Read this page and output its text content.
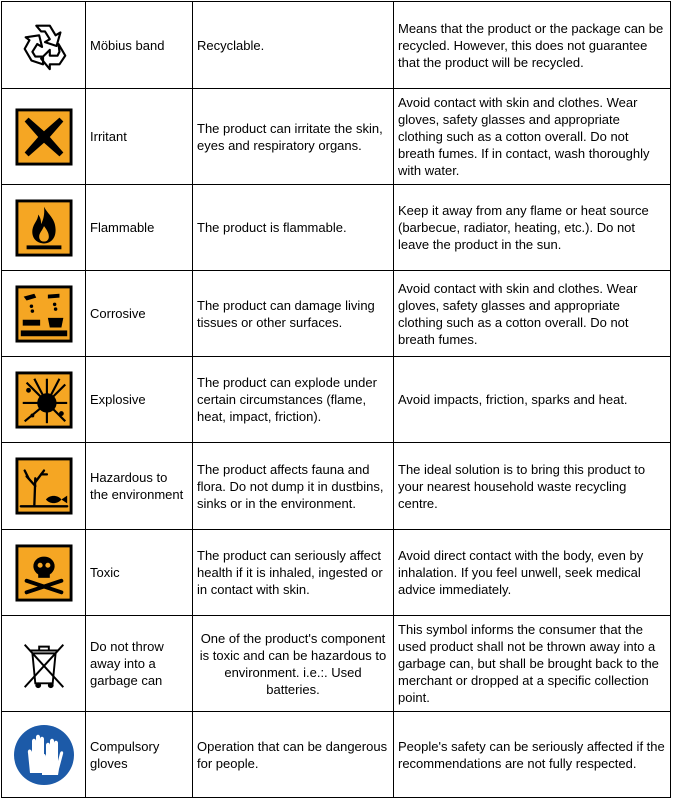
	Möbius band	Recyclable.	Means that the product or the package can be recycled. However, this does not guarantee that the product will be recycled.

	Irritant	The product can irritate the skin, eyes and respiratory organs.	Avoid contact with skin and clothes. Wear gloves, safety glasses and appropriate clothing such as a cotton overall. Do not breath fumes. If in contact, wash thoroughly with water.

	Flammable	The product is flammable.	Keep it away from any flame or heat source (barbecue, radiator, heating, etc.). Do not leave the product in the sun.

	Corrosive	The product can damage living tissues or other surfaces.	Avoid contact with skin and clothes. Wear gloves, safety glasses and appropriate clothing such as a cotton overall. Do not breath fumes.

	Explosive	The product can explode under certain circumstances (flame, heat, impact, friction).	Avoid impacts, friction, sparks and heat.

	Hazardous to the environment	The product affects fauna and flora. Do not dump it in dustbins, sinks or in the environment.	The ideal solution is to bring this product to your nearest household waste recycling centre.

	Toxic	The product can seriously affect health if it is inhaled, ingested or in contact with skin.	Avoid direct contact with the body, even by inhalation. If you feel unwell, seek medical advice immediately.

	Do not throw away into a garbage can	One of the product's component is toxic and can be hazardous to environment. i.e.:. Used batteries.	This symbol informs the consumer that the used product shall not be thrown away into a garbage can, but shall be brought back to the merchant or dropped at a specific collection point.

	Compulsory gloves	Operation that can be dangerous for people.	People's safety can be seriously affected if the recommendations are not fully respected.
